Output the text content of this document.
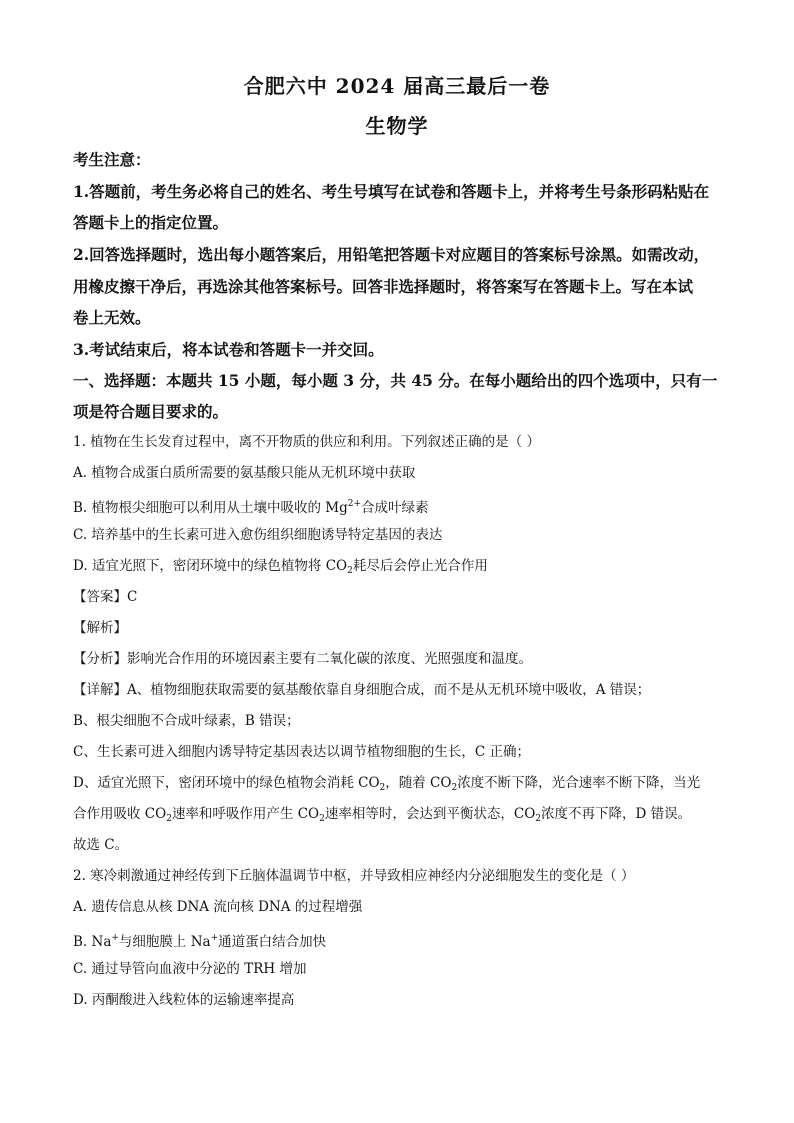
合肥六中 2024 届高三最后一卷
生物学
考生注意：
1.答题前，考生务必将自己的姓名、考生号填写在试卷和答题卡上，并将考生号条形码粘贴在
答题卡上的指定位置。
2.回答选择题时，选出每小题答案后，用铅笔把答题卡对应题目的答案标号涂黑。如需改动，
用橡皮擦干净后，再选涂其他答案标号。回答非选择题时，将答案写在答题卡上。写在本试
卷上无效。
3.考试结束后，将本试卷和答题卡一并交回。
一、选择题：本题共 15 小题，每小题 3 分，共 45 分。在每小题给出的四个选项中，只有一
项是符合题目要求的。
1. 植物在生长发育过程中，离不开物质的供应和利用。下列叙述正确的是（ ）
A. 植物合成蛋白质所需要的氨基酸只能从无机环境中获取
B. 植物根尖细胞可以利用从土壤中吸收的 $Mg^{2+}$合成叶绿素
C. 培养基中的生长素可进入愈伤组织细胞诱导特定基因的表达
D. 适宜光照下，密闭环境中的绿色植物将 $CO_2$耗尽后会停止光合作用
【答案】C
【解析】
【分析】影响光合作用的环境因素主要有二氧化碳的浓度、光照强度和温度。
【详解】A、植物细胞获取需要的氨基酸依靠自身细胞合成，而不是从无机环境中吸收，A 错误；
B、根尖细胞不合成叶绿素，B 错误；
C、生长素可进入细胞内诱导特定基因表达以调节植物细胞的生长，C 正确；
D、适宜光照下，密闭环境中的绿色植物会消耗 $CO_2$，随着 $CO_2$浓度不断下降，光合速率不断下降，当光
合作用吸收 $CO_2$速率和呼吸作用产生 $CO_2$速率相等时，会达到平衡状态，$CO_2$浓度不再下降，D 错误。
故选 C。
2. 寒冷刺激通过神经传到下丘脑体温调节中枢，并导致相应神经内分泌细胞发生的变化是（ ）
A. 遗传信息从核 DNA 流向核 DNA 的过程增强
B. Na+与细胞膜上 Na+通道蛋白结合加快
C. 通过导管向血液中分泌的 TRH 增加
D. 丙酮酸进入线粒体的运输速率提高
